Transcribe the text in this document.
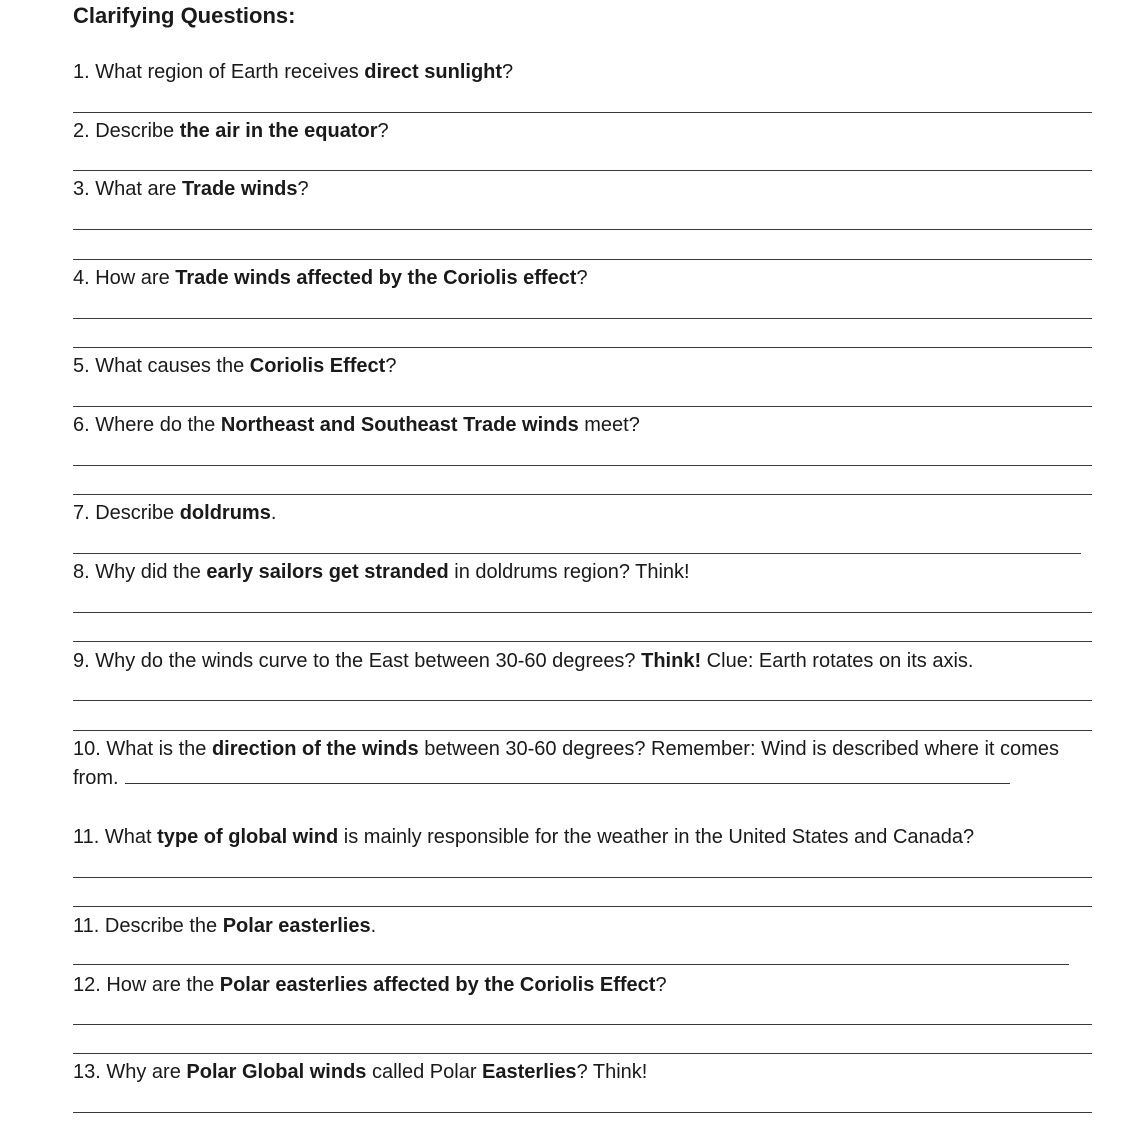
Clarifying Questions:
1. What region of Earth receives direct sunlight?
2. Describe the air in the equator?
3. What are Trade winds?
4. How are Trade winds affected by the Coriolis effect?
5. What causes the Coriolis Effect?
6. Where do the Northeast and Southeast Trade winds meet?
7. Describe doldrums.
8. Why did the early sailors get stranded in doldrums region? Think!
9. Why do the winds curve to the East between 30-60 degrees? Think! Clue: Earth rotates on its axis.
10. What is the direction of the winds between 30-60 degrees? Remember: Wind is described where it comes from.
11. What type of global wind is mainly responsible for the weather in the United States and Canada?
11. Describe the Polar easterlies.
12. How are the Polar easterlies affected by the Coriolis Effect?
13. Why are Polar Global winds called Polar Easterlies? Think!
